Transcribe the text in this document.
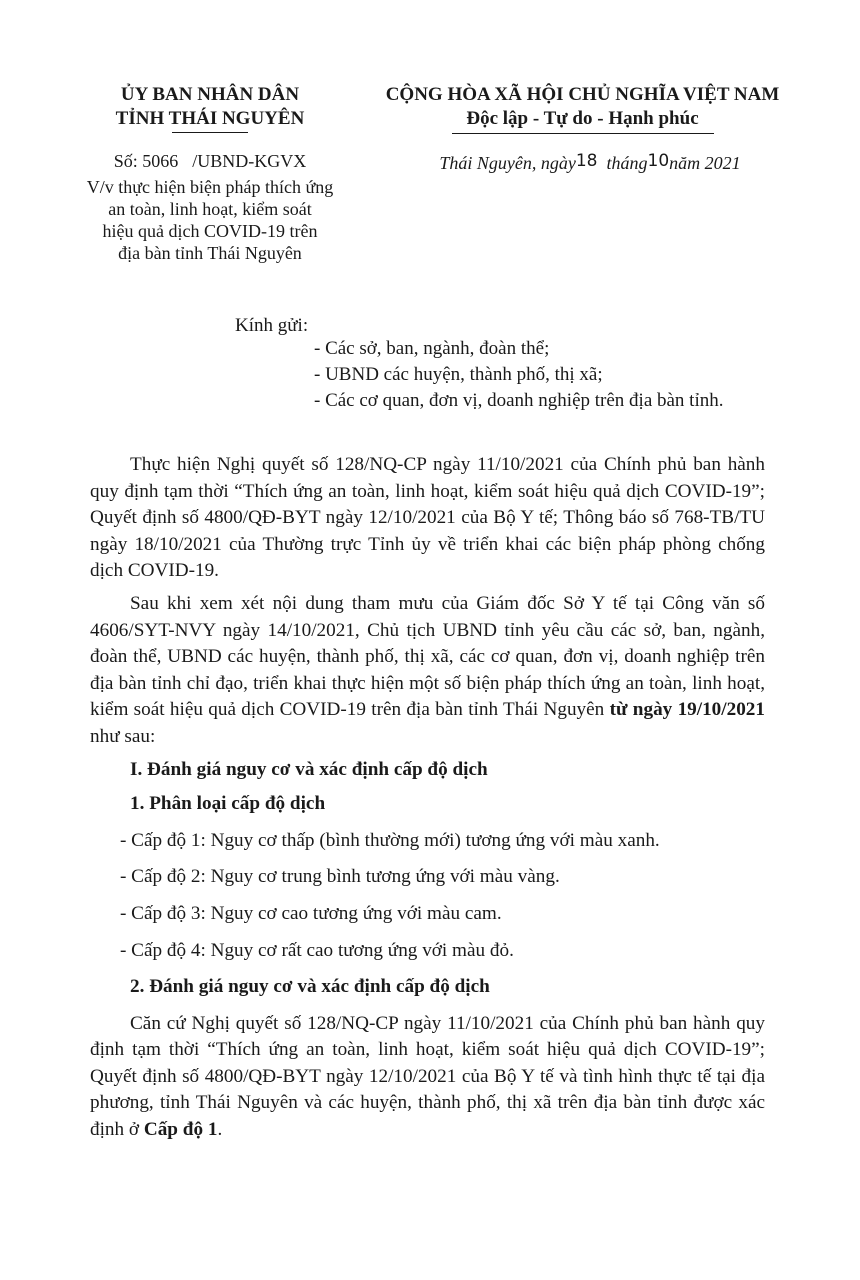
ỦY BAN NHÂN DÂN
TỈNH THÁI NGUYÊN
CỘNG HÒA XÃ HỘI CHỦ NGHĨA VIỆT NAM
Độc lập - Tự do - Hạnh phúc
Số: 5066 /UBND-KGVX
V/v thực hiện biện pháp thích ứng
an toàn, linh hoạt, kiểm soát
hiệu quả dịch COVID-19 trên
địa bàn tỉnh Thái Nguyên
Thái Nguyên, ngày18 tháng10năm 2021
Kính gửi:
- Các sở, ban, ngành, đoàn thể;
- UBND các huyện, thành phố, thị xã;
- Các cơ quan, đơn vị, doanh nghiệp trên địa bàn tỉnh.

Thực hiện Nghị quyết số 128/NQ-CP ngày 11/10/2021 của Chính phủ ban hành quy định tạm thời “Thích ứng an toàn, linh hoạt, kiểm soát hiệu quả dịch COVID-19”; Quyết định số 4800/QĐ-BYT ngày 12/10/2021 của Bộ Y tế; Thông báo số 768-TB/TU ngày 18/10/2021 của Thường trực Tỉnh ủy về triển khai các biện pháp phòng chống dịch COVID-19.

Sau khi xem xét nội dung tham mưu của Giám đốc Sở Y tế tại Công văn số 4606/SYT-NVY ngày 14/10/2021, Chủ tịch UBND tỉnh yêu cầu các sở, ban, ngành, đoàn thể, UBND các huyện, thành phố, thị xã, các cơ quan, đơn vị, doanh nghiệp trên địa bàn tỉnh chỉ đạo, triển khai thực hiện một số biện pháp thích ứng an toàn, linh hoạt, kiểm soát hiệu quả dịch COVID-19 trên địa bàn tỉnh Thái Nguyên từ ngày 19/10/2021 như sau:

I. Đánh giá nguy cơ và xác định cấp độ dịch
1. Phân loại cấp độ dịch
- Cấp độ 1: Nguy cơ thấp (bình thường mới) tương ứng với màu xanh.
- Cấp độ 2: Nguy cơ trung bình tương ứng với màu vàng.
- Cấp độ 3: Nguy cơ cao tương ứng với màu cam.
- Cấp độ 4: Nguy cơ rất cao tương ứng với màu đỏ.
2. Đánh giá nguy cơ và xác định cấp độ dịch

Căn cứ Nghị quyết số 128/NQ-CP ngày 11/10/2021 của Chính phủ ban hành quy định tạm thời “Thích ứng an toàn, linh hoạt, kiểm soát hiệu quả dịch COVID-19”; Quyết định số 4800/QĐ-BYT ngày 12/10/2021 của Bộ Y tế và tình hình thực tế tại địa phương, tỉnh Thái Nguyên và các huyện, thành phố, thị xã trên địa bàn tỉnh được xác định ở Cấp độ 1.
